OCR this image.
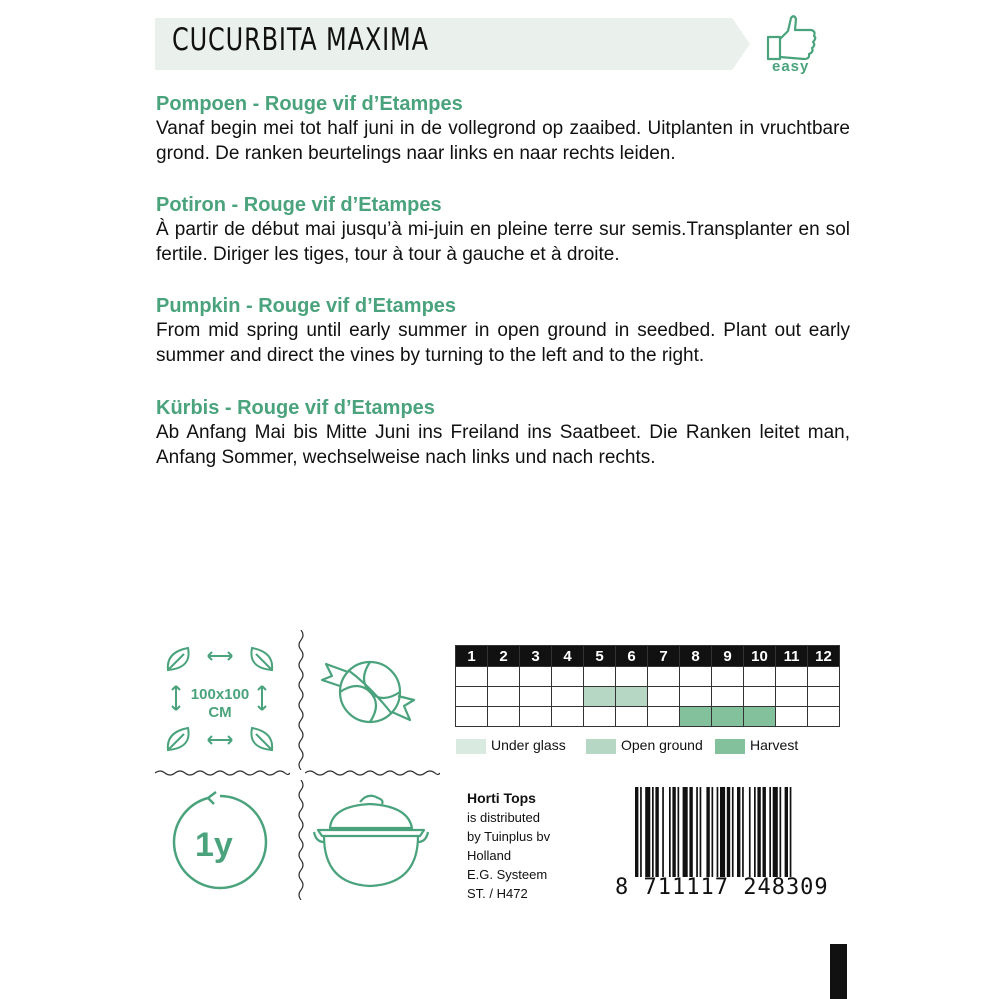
CUCURBITA MAXIMA
easy
Pompoen - Rouge vif d’Etampes
Vanaf begin mei tot half juni in de vollegrond op zaaibed. Uitplanten in vruchtbare grond. De ranken beurtelings naar links en naar rechts leiden.
Potiron - Rouge vif d’Etampes
À partir de début mai jusqu’à mi-juin en pleine terre sur semis.Transplanter en sol fertile. Diriger les tiges, tour à tour à gauche et à droite.
Pumpkin - Rouge vif d’Etampes
From mid spring until early summer in open ground in seedbed. Plant out early summer and direct the vines by turning to the left and to the right.
Kürbis - Rouge vif d’Etampes
Ab Anfang Mai bis Mitte Juni ins Freiland ins Saatbeet. Die Ranken leitet man, Anfang Sommer, wechselweise nach links und nach rechts.
100x100
CM
1y
1	2	3	4	5	6	7	8	9	10	11	12

Under glass	Open ground	Harvest
Horti Tops
is distributed
by Tuinplus bv
Holland
E.G. Systeem
ST. / H472	8 711117 248309
